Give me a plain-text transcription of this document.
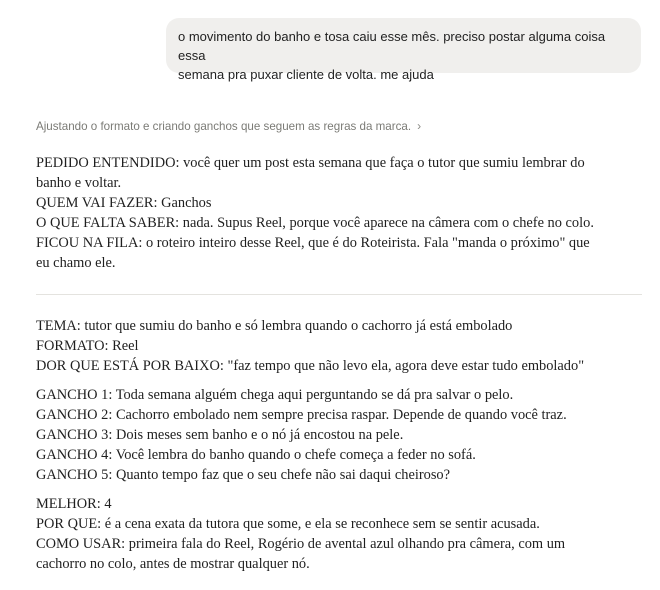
o movimento do banho e tosa caiu esse mês. preciso postar alguma coisa essa
semana pra puxar cliente de volta. me ajuda
Ajustando o formato e criando ganchos que seguem as regras da marca. ›

PEDIDO ENTENDIDO: você quer um post esta semana que faça o tutor que sumiu lembrar do

banho e voltar.

QUEM VAI FAZER: Ganchos

O QUE FALTA SABER: nada. Supus Reel, porque você aparece na câmera com o chefe no colo.

FICOU NA FILA: o roteiro inteiro desse Reel, que é do Roteirista. Fala "manda o próximo" que

eu chamo ele.

TEMA: tutor que sumiu do banho e só lembra quando o cachorro já está embolado

FORMATO: Reel

DOR QUE ESTÁ POR BAIXO: "faz tempo que não levo ela, agora deve estar tudo embolado"

GANCHO 1: Toda semana alguém chega aqui perguntando se dá pra salvar o pelo.

GANCHO 2: Cachorro embolado nem sempre precisa raspar. Depende de quando você traz.

GANCHO 3: Dois meses sem banho e o nó já encostou na pele.

GANCHO 4: Você lembra do banho quando o chefe começa a feder no sofá.

GANCHO 5: Quanto tempo faz que o seu chefe não sai daqui cheiroso?

MELHOR: 4

POR QUE: é a cena exata da tutora que some, e ela se reconhece sem se sentir acusada.

COMO USAR: primeira fala do Reel, Rogério de avental azul olhando pra câmera, com um

cachorro no colo, antes de mostrar qualquer nó.
